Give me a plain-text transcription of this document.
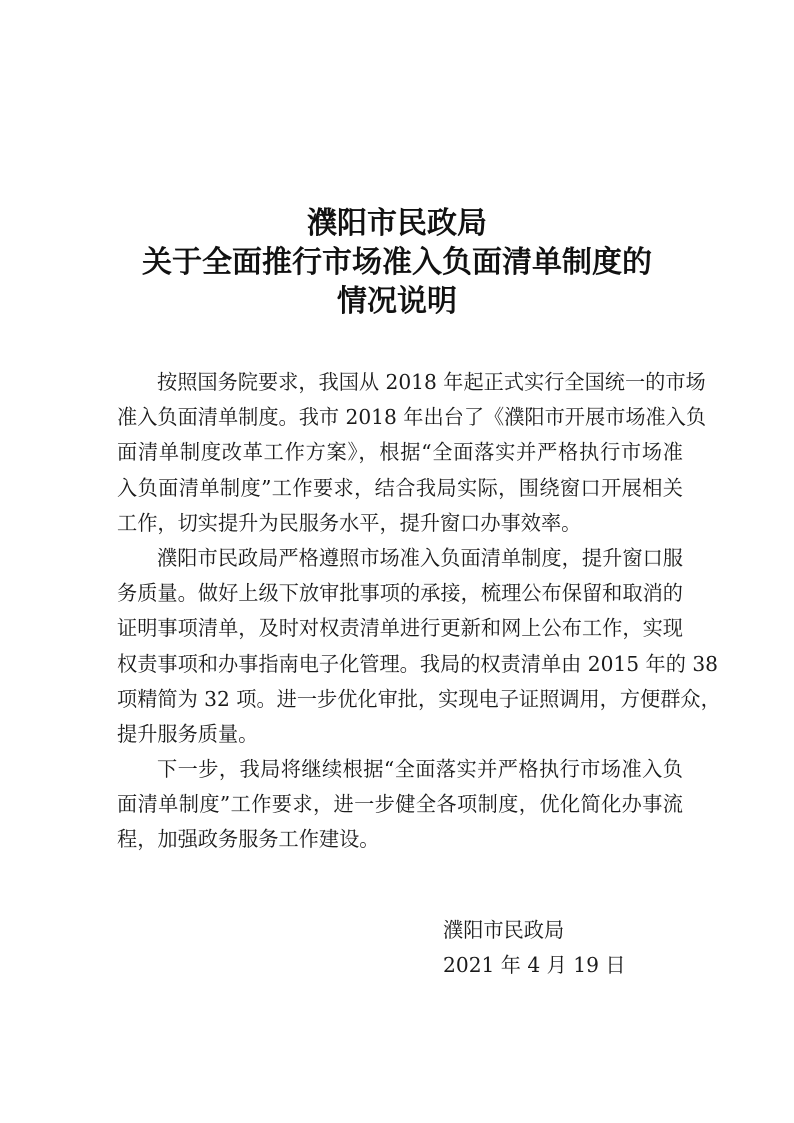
濮阳市民政局
关于全面推行市场准入负面清单制度的
情况说明
按照国务院要求，我国从 2018 年起正式实行全国统一的市场
准入负面清单制度。我市 2018 年出台了《濮阳市开展市场准入负
面清单制度改革工作方案》，根据“全面落实并严格执行市场准
入负面清单制度”工作要求，结合我局实际，围绕窗口开展相关
工作，切实提升为民服务水平，提升窗口办事效率。
濮阳市民政局严格遵照市场准入负面清单制度，提升窗口服
务质量。做好上级下放审批事项的承接，梳理公布保留和取消的
证明事项清单，及时对权责清单进行更新和网上公布工作，实现
权责事项和办事指南电子化管理。我局的权责清单由 2015 年的 38
项精简为 32 项。进一步优化审批，实现电子证照调用，方便群众，
提升服务质量。
下一步，我局将继续根据“全面落实并严格执行市场准入负
面清单制度”工作要求，进一步健全各项制度，优化简化办事流
程，加强政务服务工作建设。
濮阳市民政局
2021 年 4 月 19 日
